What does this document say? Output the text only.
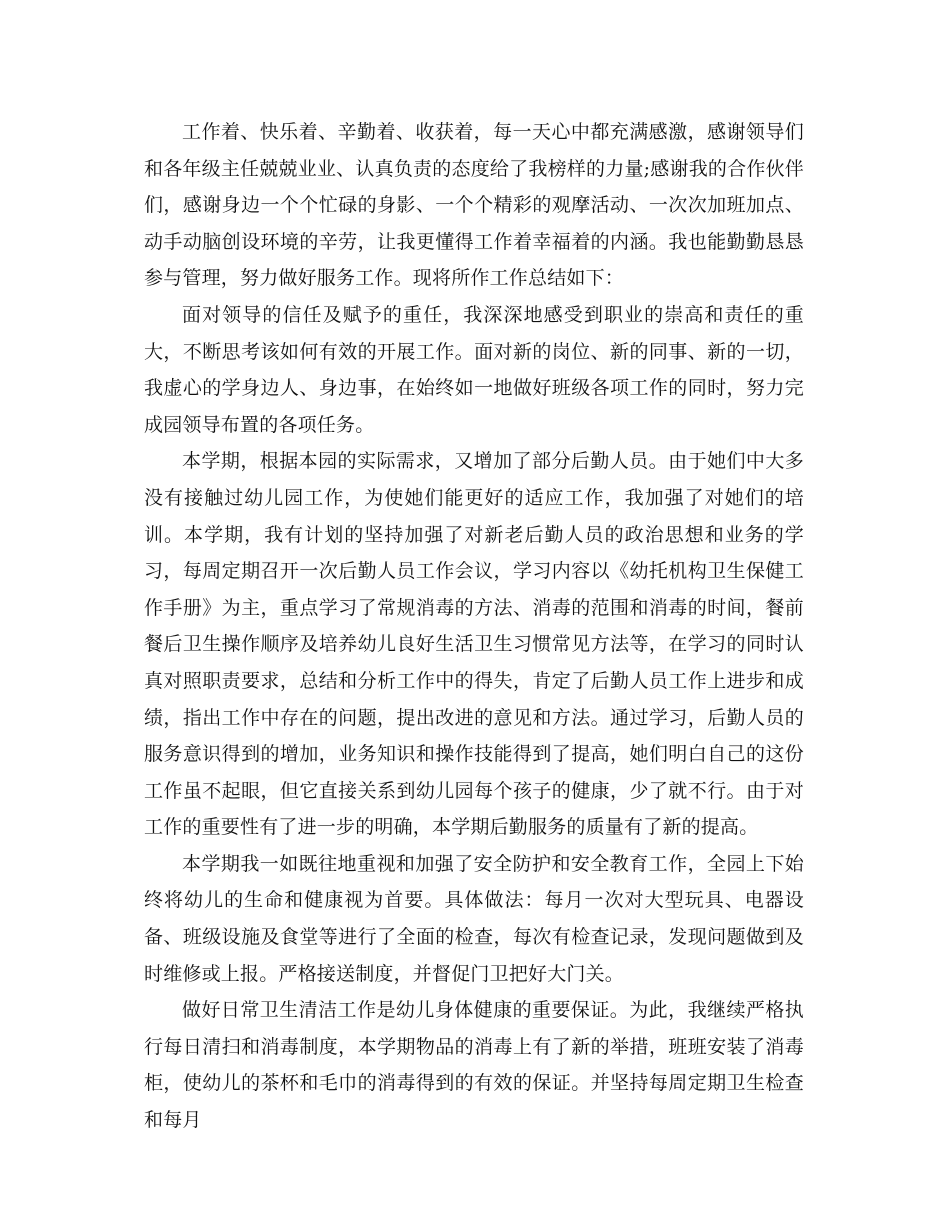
工作着、快乐着、辛勤着、收获着，每一天心中都充满感激，感谢领导们和各年级主任兢兢业业、认真负责的态度给了我榜样的力量;感谢我的合作伙伴们，感谢身边一个个忙碌的身影、一个个精彩的观摩活动、一次次加班加点、动手动脑创设环境的辛劳，让我更懂得工作着幸福着的内涵。我也能勤勤恳恳参与管理，努力做好服务工作。现将所作工作总结如下：

面对领导的信任及赋予的重任，我深深地感受到职业的崇高和责任的重大，不断思考该如何有效的开展工作。面对新的岗位、新的同事、新的一切，我虚心的学身边人、身边事，在始终如一地做好班级各项工作的同时，努力完成园领导布置的各项任务。

本学期，根据本园的实际需求，又增加了部分后勤人员。由于她们中大多没有接触过幼儿园工作，为使她们能更好的适应工作，我加强了对她们的培训。本学期，我有计划的坚持加强了对新老后勤人员的政治思想和业务的学习，每周定期召开一次后勤人员工作会议，学习内容以《幼托机构卫生保健工作手册》为主，重点学习了常规消毒的方法、消毒的范围和消毒的时间，餐前餐后卫生操作顺序及培养幼儿良好生活卫生习惯常见方法等，在学习的同时认真对照职责要求，总结和分析工作中的得失，肯定了后勤人员工作上进步和成绩，指出工作中存在的问题，提出改进的意见和方法。通过学习，后勤人员的服务意识得到的增加，业务知识和操作技能得到了提高，她们明白自己的这份工作虽不起眼，但它直接关系到幼儿园每个孩子的健康，少了就不行。由于对工作的重要性有了进一步的明确，本学期后勤服务的质量有了新的提高。

本学期我一如既往地重视和加强了安全防护和安全教育工作，全园上下始终将幼儿的生命和健康视为首要。具体做法：每月一次对大型玩具、电器设备、班级设施及食堂等进行了全面的检查，每次有检查记录，发现问题做到及时维修或上报。严格接送制度，并督促门卫把好大门关。

做好日常卫生清洁工作是幼儿身体健康的重要保证。为此，我继续严格执行每日清扫和消毒制度，本学期物品的消毒上有了新的举措，班班安装了消毒柜，使幼儿的茶杯和毛巾的消毒得到的有效的保证。并坚持每周定期卫生检查和每月
